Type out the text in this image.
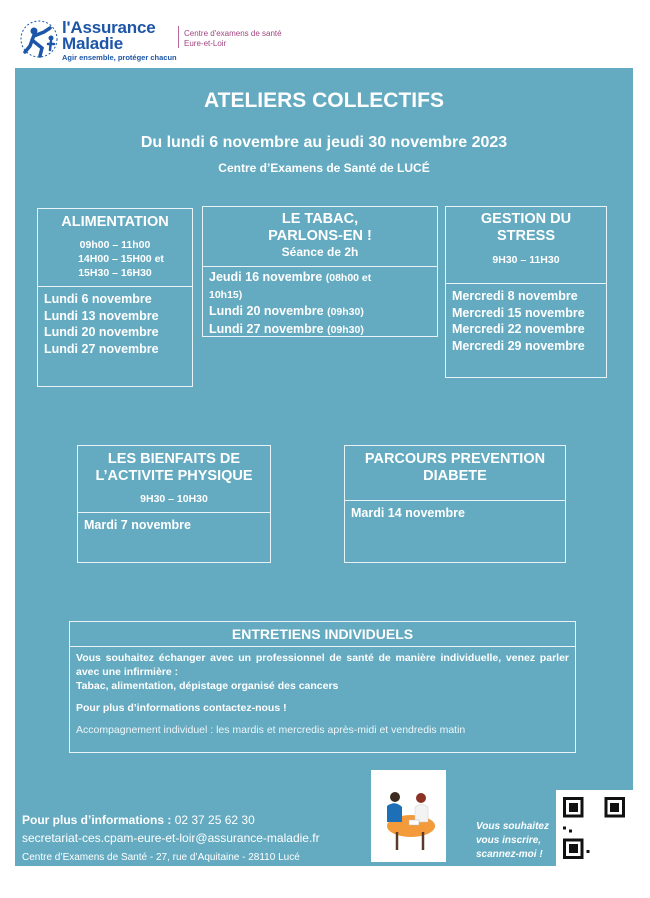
l'Assurance
Maladie
Agir ensemble, protéger chacun
Centre d'examens de santé
Eure-et-Loir
ATELIERS COLLECTIFS
Du lundi 6 novembre au jeudi 30 novembre 2023
Centre d’Examens de Santé de LUCÉ
ALIMENTATION
09h00 – 11h00
14H00 – 15H00 et
15H30 – 16H30
Lundi 6 novembre
Lundi 13 novembre
Lundi 20 novembre
Lundi 27 novembre
LE TABAC,
PARLONS-EN !
Séance de 2h
Jeudi 16 novembre (08h00 et
10h15)
Lundi 20 novembre (09h30)
Lundi 27 novembre (09h30)
GESTION DU
STRESS
9H30 – 11H30
Mercredi 8 novembre
Mercredi 15 novembre
Mercredi 22 novembre
Mercredi 29 novembre
LES BIENFAITS DE
L’ACTIVITE PHYSIQUE
9H30 – 10H30
Mardi 7 novembre
PARCOURS PREVENTION
DIABETE
Mardi 14 novembre
ENTRETIENS INDIVIDUELS
Vous souhaitez échanger avec un professionnel de santé de manière individuelle, venez parler avec une infirmière :
Tabac, alimentation, dépistage organisé des cancers
Pour plus d’informations contactez-nous !
Accompagnement individuel : les mardis et mercredis après-midi et vendredis matin
Pour plus d’informations : 02 37 25 62 30
secretariat-ces.cpam-eure-et-loir@assurance-maladie.fr
Centre d’Examens de Santé - 27, rue d’Aquitaine - 28110 Lucé
Vous souhaitez
vous inscrire,
scannez-moi !
